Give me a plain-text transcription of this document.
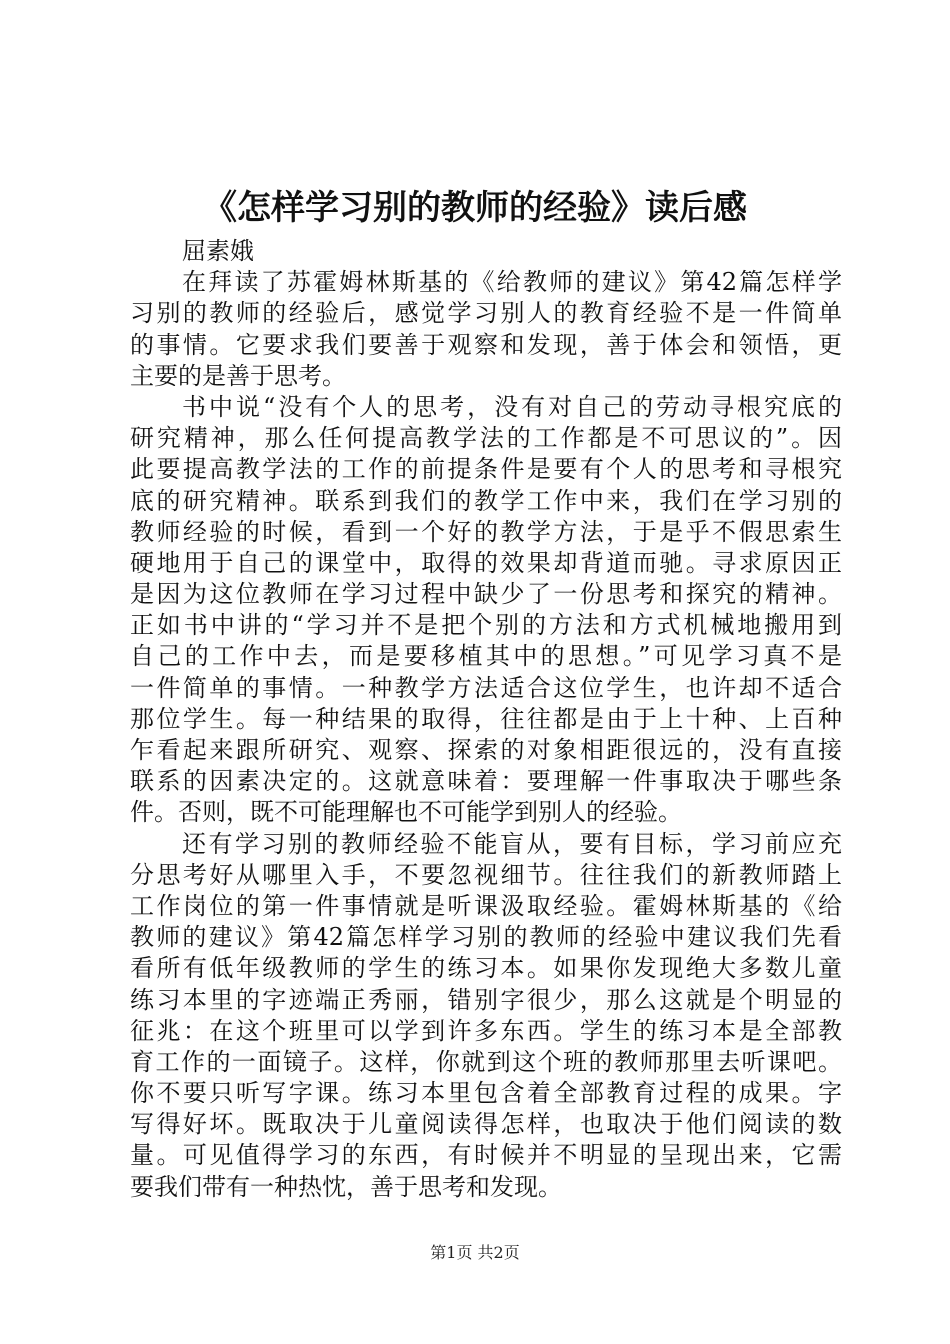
《怎样学习别的教师的经验》读后感
屈素娥
在拜读了苏霍姆林斯基的《给教师的建议》第42篇怎样学
习别的教师的经验后，感觉学习别人的教育经验不是一件简单
的事情。它要求我们要善于观察和发现，善于体会和领悟，更
主要的是善于思考。
书中说“没有个人的思考，没有对自己的劳动寻根究底的
研究精神，那么任何提高教学法的工作都是不可思议的”。因
此要提高教学法的工作的前提条件是要有个人的思考和寻根究
底的研究精神。联系到我们的教学工作中来，我们在学习别的
教师经验的时候，看到一个好的教学方法，于是乎不假思索生
硬地用于自己的课堂中，取得的效果却背道而驰。寻求原因正
是因为这位教师在学习过程中缺少了一份思考和探究的精神。
正如书中讲的“学习并不是把个别的方法和方式机械地搬用到
自己的工作中去，而是要移植其中的思想。”可见学习真不是
一件简单的事情。一种教学方法适合这位学生，也许却不适合
那位学生。每一种结果的取得，往往都是由于上十种、上百种
乍看起来跟所研究、观察、探索的对象相距很远的，没有直接
联系的因素决定的。这就意味着：要理解一件事取决于哪些条
件。否则，既不可能理解也不可能学到别人的经验。
还有学习别的教师经验不能盲从，要有目标，学习前应充
分思考好从哪里入手，不要忽视细节。往往我们的新教师踏上
工作岗位的第一件事情就是听课汲取经验。霍姆林斯基的《给
教师的建议》第42篇怎样学习别的教师的经验中建议我们先看
看所有低年级教师的学生的练习本。如果你发现绝大多数儿童
练习本里的字迹端正秀丽，错别字很少，那么这就是个明显的
征兆：在这个班里可以学到许多东西。学生的练习本是全部教
育工作的一面镜子。这样，你就到这个班的教师那里去听课吧。
你不要只听写字课。练习本里包含着全部教育过程的成果。字
写得好坏。既取决于儿童阅读得怎样，也取决于他们阅读的数
量。可见值得学习的东西，有时候并不明显的呈现出来，它需
要我们带有一种热忱，善于思考和发现。
第1页 共2页
